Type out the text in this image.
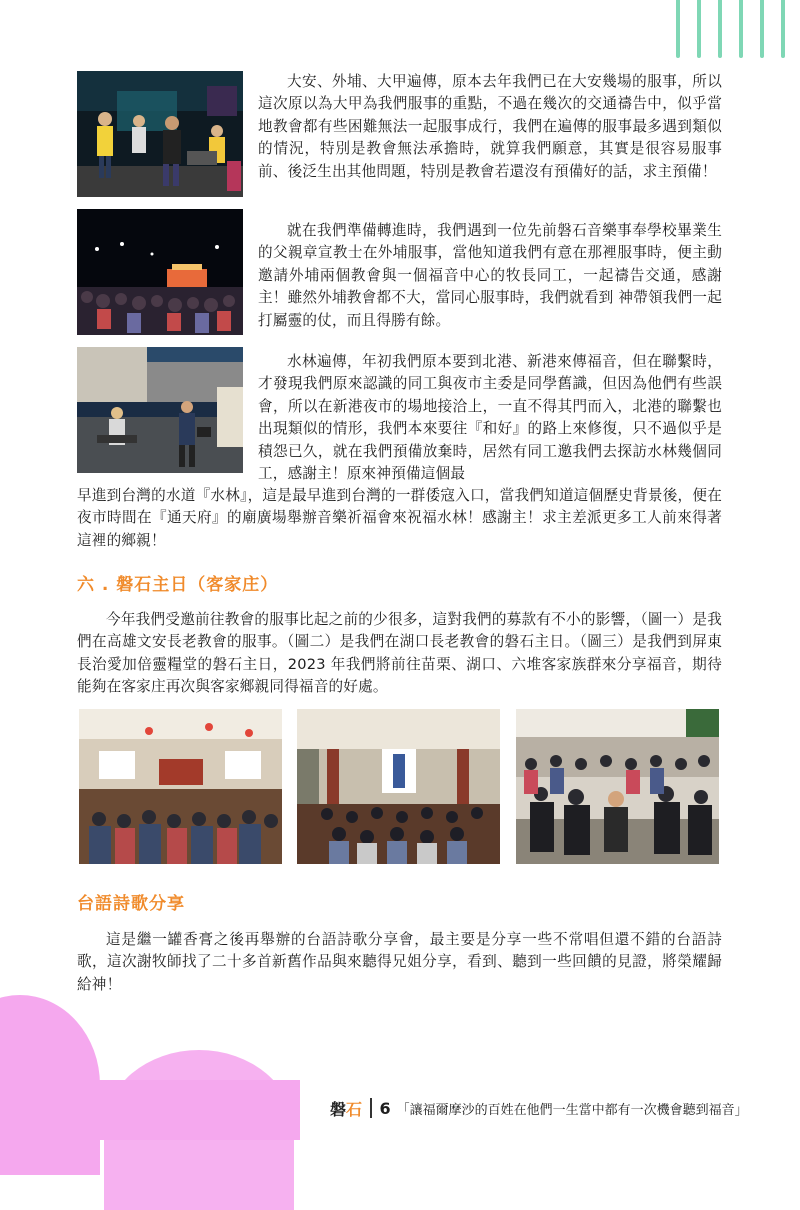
大安、外埔、大甲遍傳，原本去年我們已在大安幾場的服事，所以這次原以為大甲為我們服事的重點，不過在幾次的交通禱告中，似乎當地教會都有些困難無法一起服事成行，我們在遍傳的服事最多遇到類似的情況，特別是教會無法承擔時，就算我們願意，其實是很容易服事前、後泛生出其他問題，特別是教會若還沒有預備好的話，求主預備！

就在我們準備轉進時，我們遇到一位先前磐石音樂事奉學校畢業生的父親章宣教士在外埔服事，當他知道我們有意在那裡服事時，便主動邀請外埔兩個教會與一個福音中心的牧長同工，一起禱告交通，感謝主！雖然外埔教會都不大，當同心服事時，我們就看到 神帶領我們一起打屬靈的仗，而且得勝有餘。

水林遍傳，年初我們原本要到北港、新港來傳福音，但在聯繫時，才發現我們原來認識的同工與夜市主委是同學舊識，但因為他們有些誤會，所以在新港夜市的場地接洽上，一直不得其門而入，北港的聯繫也出現類似的情形，我們本來要往『和好』的路上來修復，只不過似乎是積怨已久，就在我們預備放棄時，居然有同工邀我們去探訪水林幾個同工，感謝主！原來神預備這個最

早進到台灣的水道『水林』，這是最早進到台灣的一群倭寇入口，當我們知道這個歷史背景後，便在夜市時間在『通天府』的廟廣場舉辦音樂祈福會來祝福水林！感謝主！求主差派更多工人前來得著這裡的鄉親！

六 . 磐石主日（客家庄）

今年我們受邀前往教會的服事比起之前的少很多，這對我們的募款有不小的影響，（圖一）是我們在高雄文安長老教會的服事。（圖二）是我們在湖口長老教會的磐石主日。（圖三）是我們到屏東長治愛加倍靈糧堂的磐石主日，2023 年我們將前往苗栗、湖口、六堆客家族群來分享福音，期待能夠在客家庄再次與客家鄉親同得福音的好處。

台語詩歌分享

這是繼一罐香膏之後再舉辦的台語詩歌分享會，最主要是分享一些不常唱但還不錯的台語詩歌，這次謝牧師找了二十多首新舊作品與來聽得兄姐分享，看到、聽到一些回饋的見證，將榮耀歸給神！

磐石 6 「讓福爾摩沙的百姓在他們一生當中都有一次機會聽到福音」
